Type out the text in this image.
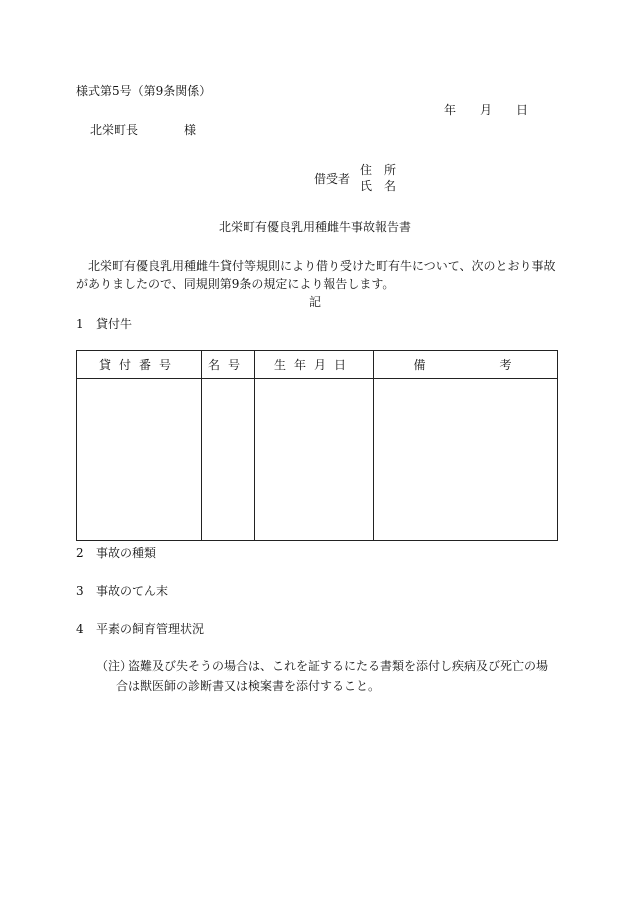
様式第5号（第9条関係）
年 月 日
北栄町長	様
借受者
住　所
氏　名
北栄町有優良乳用種雌牛事故報告書
北栄町有優良乳用種雌牛貸付等規則により借り受けた町有牛について、次のとおり事故がありましたので、同規則第9条の規定により報告します。
記
1 貸付牛
貸付番号	名号	生年月日	備 考

2 事故の種類
3 事故のてん末
4 平素の飼育管理状況
（注）盗難及び失そうの場合は、これを証するにたる書類を添付し疾病及び死亡の場
合は獣医師の診断書又は検案書を添付すること。
